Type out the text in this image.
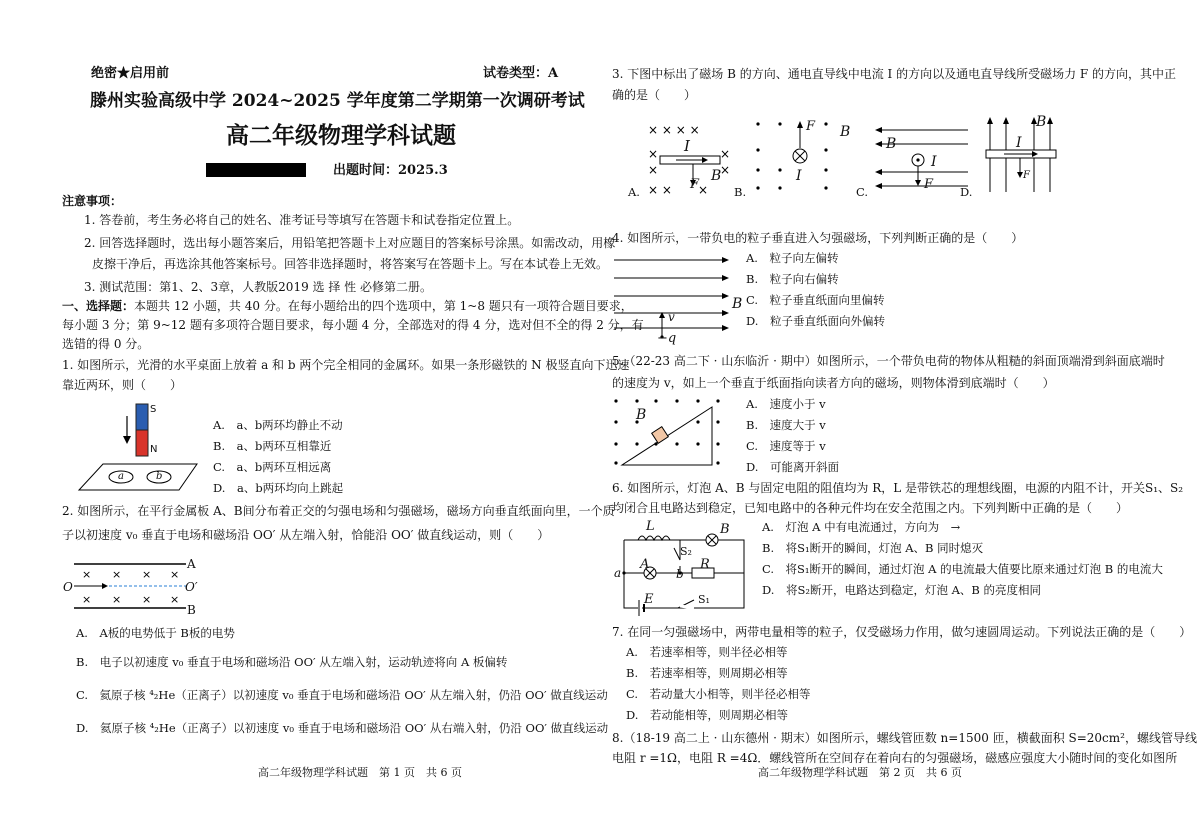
绝密★启用前	试卷类型：A
滕州实验高级中学 2024~2025 学年度第二学期第一次调研考试
高二年级物理学科试题
出题时间：2025.3
注意事项：
1. 答卷前，考生务必将自己的姓名、准考证号等填写在答题卡和试卷指定位置上。
2. 回答选择题时，选出每小题答案后，用铅笔把答题卡上对应题目的答案标号涂黑。如需改动，用橡
皮擦干净后，再选涂其他答案标号。回答非选择题时，将答案写在答题卡上。写在本试卷上无效。
3. 测试范围：第1、2、3章，人教版2019 选 择 性 必修第二册。
一、选择题：本题共 12 小题，共 40 分。在每小题给出的四个选项中，第 1~8 题只有一项符合题目要求，
每小题 3 分；第 9~12 题有多项符合题目要求，每小题 4 分，全部选对的得 4 分，选对但不全的得 2 分，有
选错的得 0 分。
1. 如图所示，光滑的水平桌面上放着 a 和 b 两个完全相同的金属环。如果一条形磁铁的 N 极竖直向下迅速
靠近两环，则（　　）
S
N
a	b
A.　a、b两环均静止不动
B.　a、b两环互相靠近
C.　a、b两环互相远离
D.　a、b两环均向上跳起
2. 如图所示，在平行金属板 A、B间分布着正交的匀强电场和匀强磁场，磁场方向垂直纸面向里，一个质
子以初速度 v₀ 垂直于电场和磁场沿 OO′ 从左端入射，恰能沿 OO′ 做直线运动，则（　　）
× × × ×
× × × ×
A
B
O	O′
A.　A板的电势低于 B板的电势
B.　电子以初速度 v₀ 垂直于电场和磁场沿 OO′ 从左端入射，运动轨迹将向 A 板偏转
C.　氦原子核 ⁴₂He（正离子）以初速度 v₀ 垂直于电场和磁场沿 OO′ 从左端入射，仍沿 OO′ 做直线运动
D.　氦原子核 ⁴₂He（正离子）以初速度 v₀ 垂直于电场和磁场沿 OO′ 从右端入射，仍沿 OO′ 做直线运动
高二年级物理学科试题　第 1 页　共 6 页
3. 下图中标出了磁场 B 的方向、通电直导线中电流 I 的方向以及通电直导线所受磁场力 F 的方向，其中正
确的是（　　）
× × × ×
×	×
×	×
× × ×
I
F
B
A.
F B
I
B.
B
I
F
C.
B
I
F
D.
4. 如图所示，一带负电的粒子垂直进入匀强磁场，下列判断正确的是（　　）
B
v
−q
A.　粒子向左偏转
B.　粒子向右偏转
C.　粒子垂直纸面向里偏转
D.　粒子垂直纸面向外偏转
5.（22-23 高二下 · 山东临沂 · 期中）如图所示，一个带负电荷的物体从粗糙的斜面顶端滑到斜面底端时
的速度为 v，如上一个垂直于纸面指向读者方向的磁场，则物体滑到底端时（　　）
B
A.　速度小于 v
B.　速度大于 v
C.　速度等于 v
D.　可能离开斜面
6. 如图所示，灯泡 A、B 与固定电阻的阻值均为 R，L 是带铁芯的理想线圈，电源的内阻不计，开关S₁、S₂
均闭合且电路达到稳定，已知电路中的各种元件均在安全范围之内。下列判断中正确的是（　　）
L	B
S₂
A
a	b
R
E	S₁
A.　灯泡 A 中有电流通过，方向为　→
B.　将S₁断开的瞬间，灯泡 A、B 同时熄灭
C.　将S₁断开的瞬间，通过灯泡 A 的电流最大值要比原来通过灯泡 B 的电流大
D.　将S₂断开，电路达到稳定，灯泡 A、B 的亮度相同
7. 在同一匀强磁场中，两带电量相等的粒子，仅受磁场力作用，做匀速圆周运动。下列说法正确的是（　　）
A.　若速率相等，则半径必相等
B.　若速率相等，则周期必相等
C.　若动量大小相等，则半径必相等
D.　若动能相等，则周期必相等
8.（18-19 高二上 · 山东德州 · 期末）如图所示，螺线管匝数 n=1500 匝，横截面积 S=20cm²，螺线管导线
电阻 r =1Ω，电阻 R =4Ω．螺线管所在空间存在着向右的匀强磁场，磁感应强度大小随时间的变化如图所
高二年级物理学科试题　第 2 页　共 6 页
